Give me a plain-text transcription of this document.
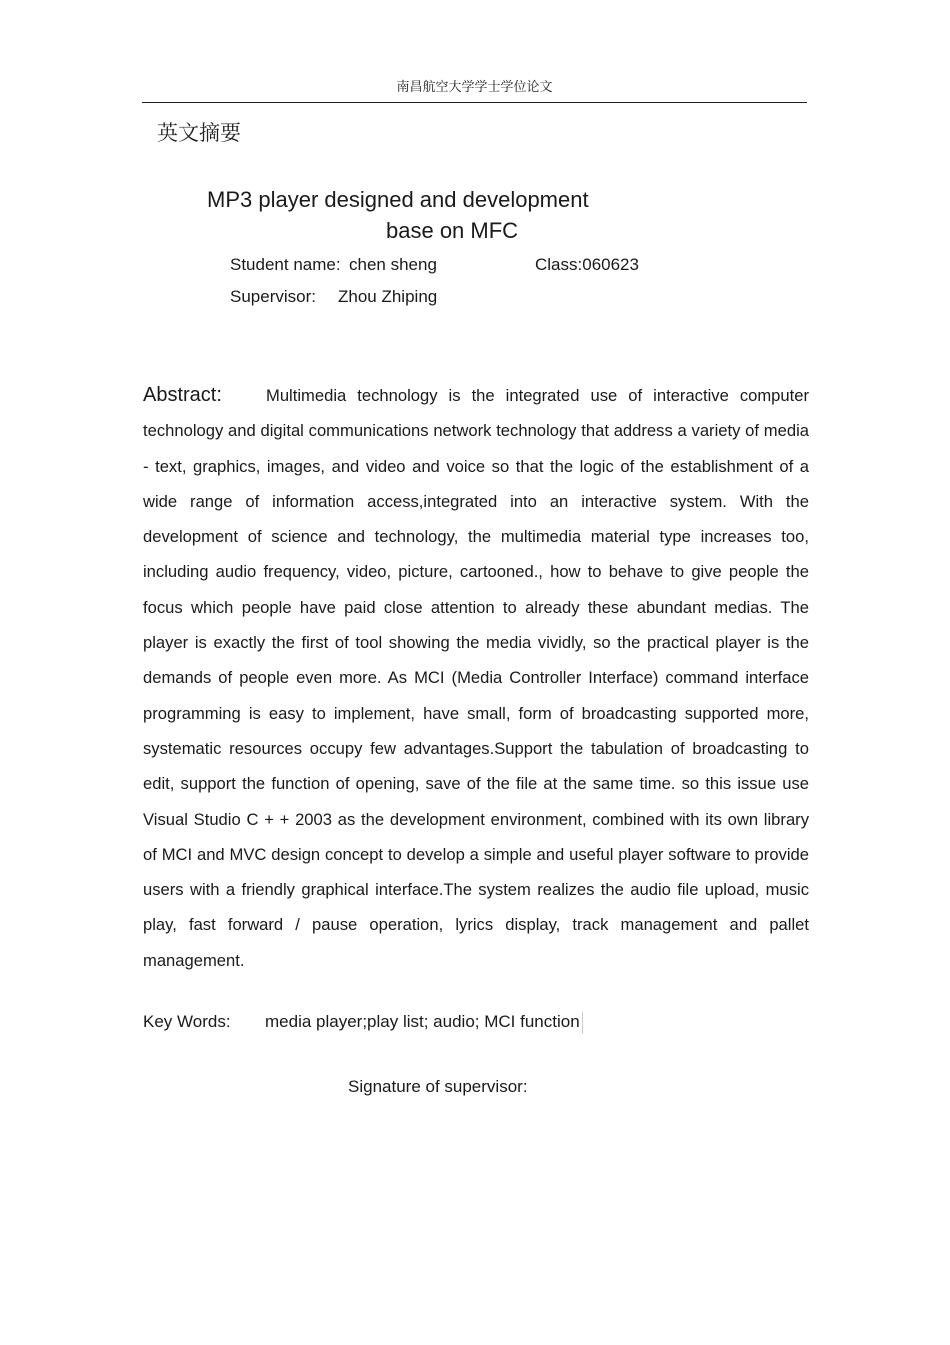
南昌航空大学学士学位论文
英文摘要
MP3 player designed and development
base on MFC
Student name: chen sheng	Class:060623
Supervisor: Zhou Zhiping
Abstract:	Multimedia technology is the integrated use of interactive computer technology and digital communications network technology that address a variety of media - text, graphics, images, and video and voice so that the logic of the establishment of a wide range of information access,integrated into an interactive system. With the development of science and technology, the multimedia material type increases too, including audio frequency, video, picture, cartooned., how to behave to give people the focus which people have paid close attention to already these abundant medias. The player is exactly the first of tool showing the media vividly, so the practical player is the demands of people even more. As MCI (Media Controller Interface) command interface programming is easy to implement, have small, form of broadcasting supported more, systematic resources occupy few advantages.Support the tabulation of broadcasting to edit, support the function of opening, save of the file at the same time. so this issue use Visual Studio C + + 2003 as the development environment, combined with its own library of MCI and MVC design concept to develop a simple and useful player software to provide users with a friendly graphical interface.The system realizes the audio file upload, music play, fast forward / pause operation, lyrics display, track management and pallet management.

Key Words: media player;play list; audio; MCI function
Signature of supervisor:
